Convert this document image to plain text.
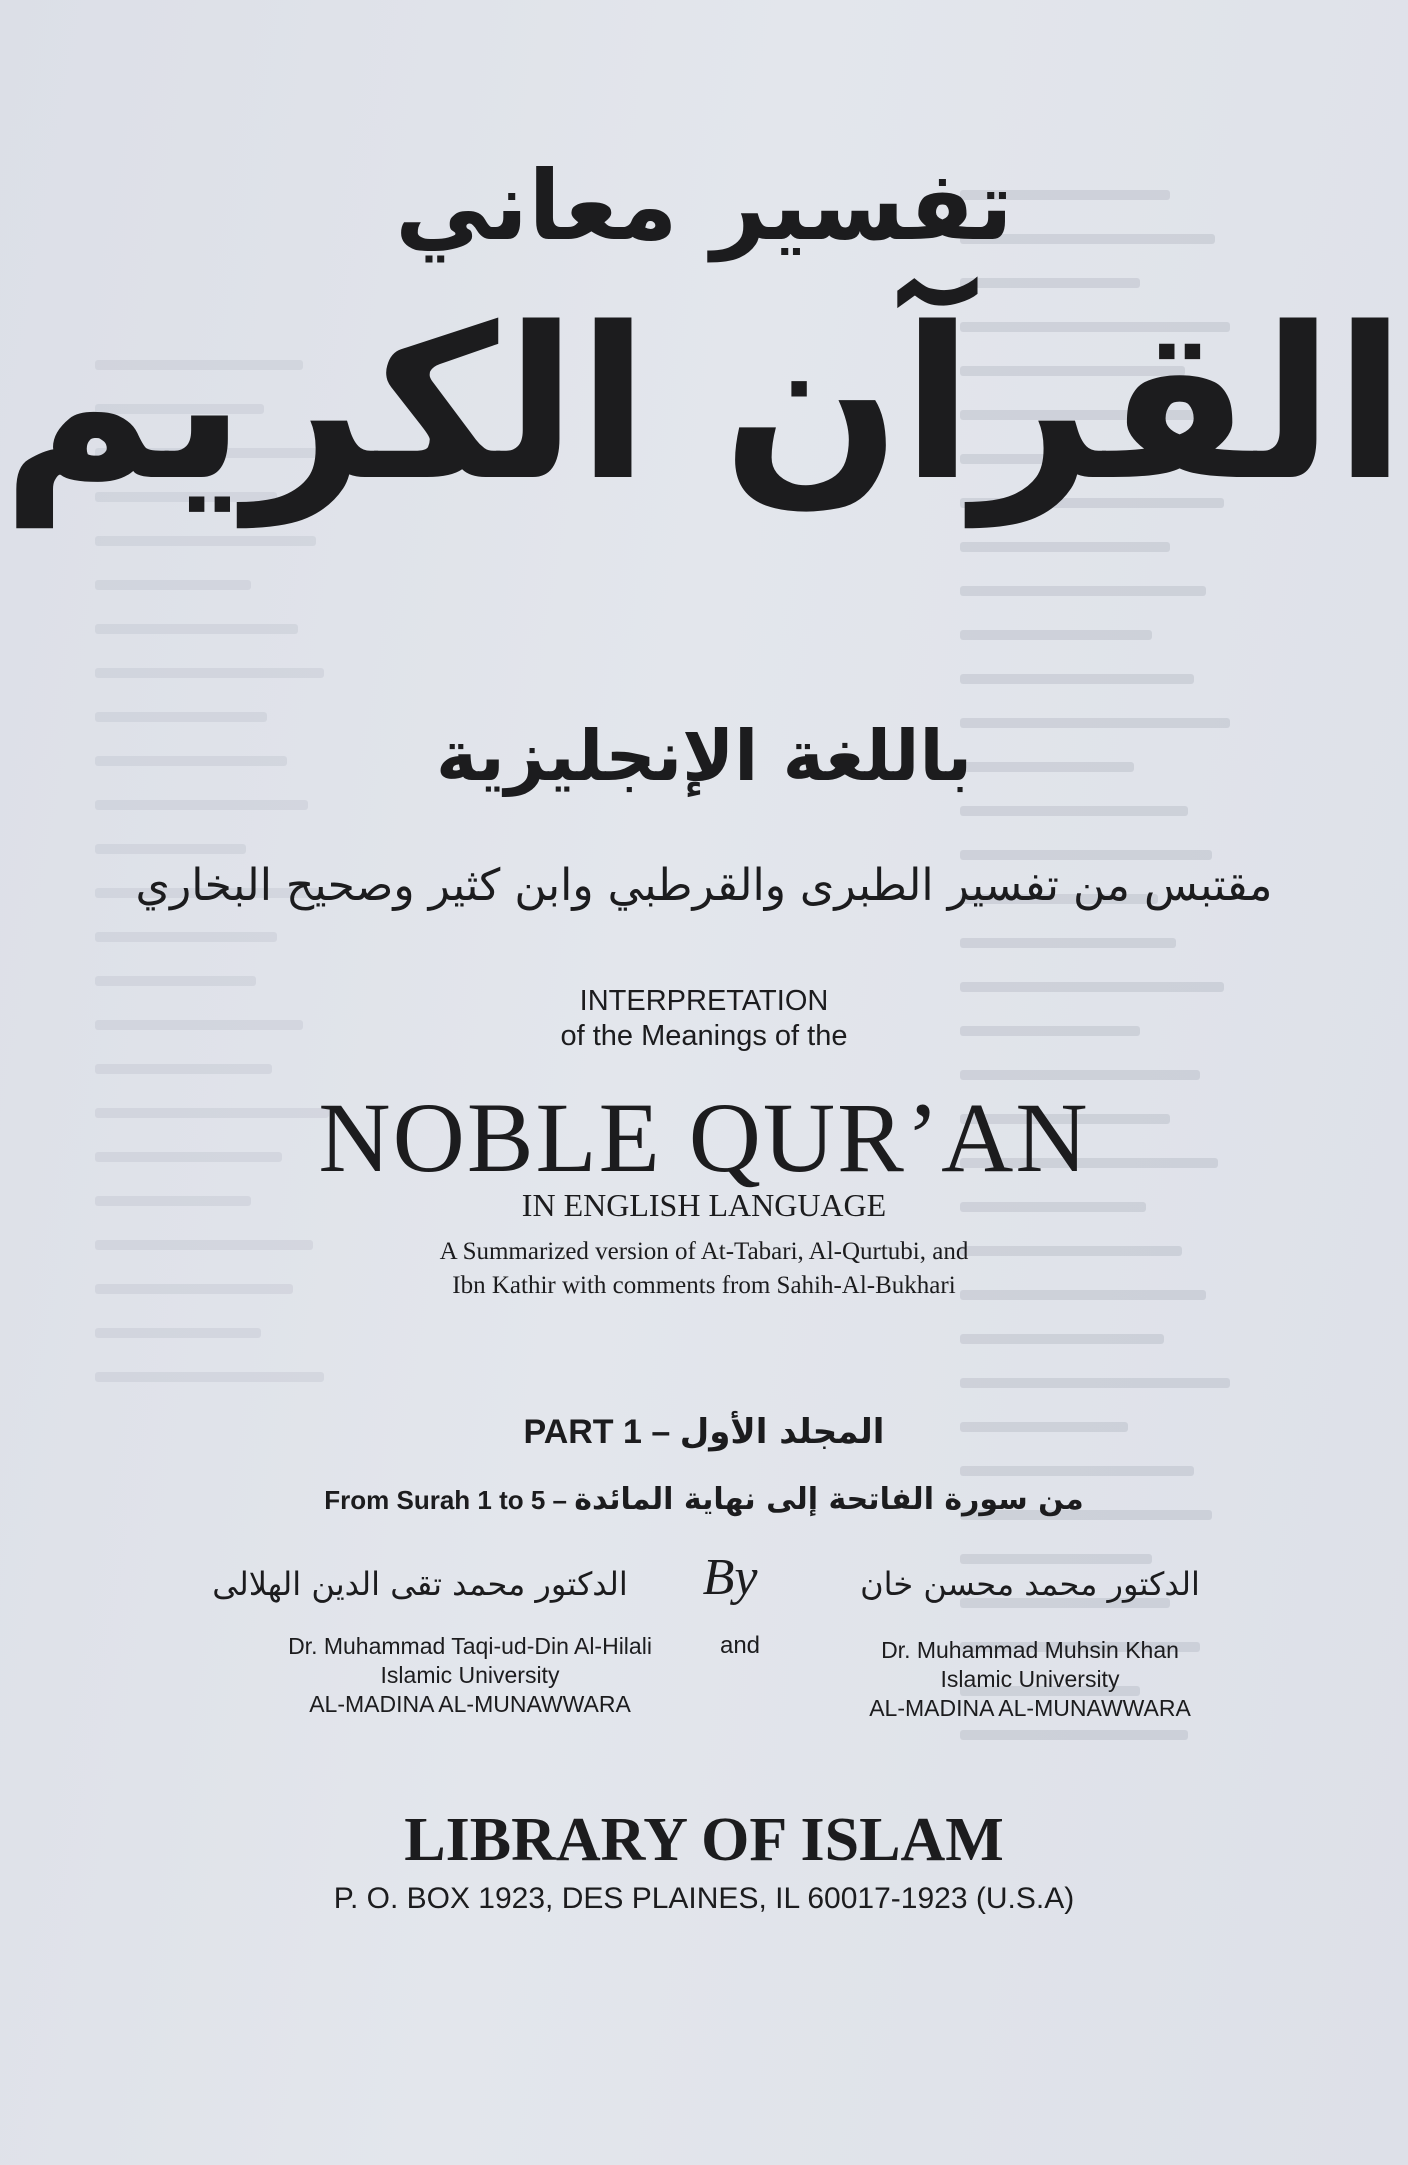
تفسير معاني
القرآن الكريم
باللغة الإنجليزية
مقتبس من تفسير الطبرى والقرطبي وابن كثير وصحيح البخاري
INTERPRETATION
of the Meanings of the
NOBLE QUR’AN
IN ENGLISH LANGUAGE
A Summarized version of At-Tabari, Al-Qurtubi, and
Ibn Kathir with comments from Sahih-Al-Bukhari
PART 1 – المجلد الأول
From Surah 1 to 5 – من سورة الفاتحة إلى نهاية المائدة
الدكتور محمد تقى الدين الهلالى By	الدكتور محمد محسن خان
Dr. Muhammad Taqi-ud-Din Al-Hilali
Islamic University
AL-MADINA AL-MUNAWWARA
and	Dr. Muhammad Muhsin Khan
Islamic University
AL-MADINA AL-MUNAWWARA
LIBRARY OF ISLAM
P. O. BOX 1923, DES PLAINES, IL 60017-1923 (U.S.A)
